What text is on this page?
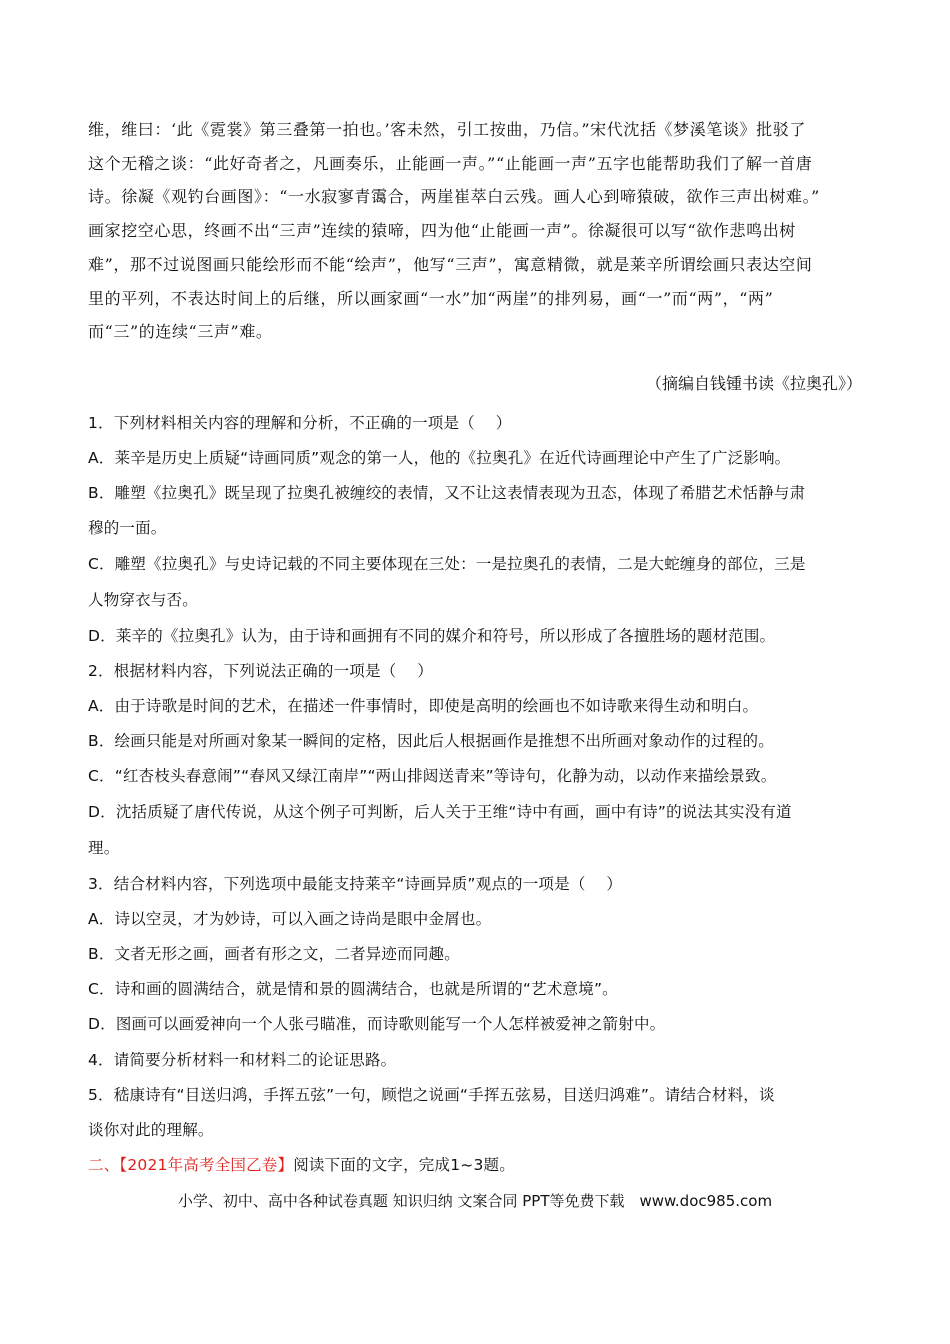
维，维曰：‘此《霓裳》第三叠第一拍也。’客未然，引工按曲，乃信。”宋代沈括《梦溪笔谈》批驳了

这个无稽之谈：“此好奇者之，凡画奏乐，止能画一声。”“止能画一声”五字也能帮助我们了解一首唐

诗。徐凝《观钓台画图》：“一水寂寥青霭合，两崖崔萃白云残。画人心到啼猿破，欲作三声出树难。”

画家挖空心思，终画不出“三声”连续的猿啼，四为他“止能画一声”。徐凝很可以写“欲作悲鸣出树

难”，那不过说图画只能绘形而不能“绘声”，他写“三声”，寓意精微，就是莱辛所谓绘画只表达空间

里的平列，不表达时间上的后继，所以画家画“一水”加“两崖”的排列易，画“一”而“两”，“两”

而“三”的连续“三声”难。

（摘编自钱锺书读《拉奥孔》）
1．下列材料相关内容的理解和分析，不正确的一项是（　 ）
A．莱辛是历史上质疑“诗画同质”观念的第一人，他的《拉奥孔》在近代诗画理论中产生了广泛影响。
B．雕塑《拉奥孔》既呈现了拉奥孔被缠绞的表情，又不让这表情表现为丑态，体现了希腊艺术恬静与肃
穆的一面。
C．雕塑《拉奥孔》与史诗记载的不同主要体现在三处：一是拉奥孔的表情，二是大蛇缠身的部位，三是
人物穿衣与否。
D．莱辛的《拉奥孔》认为，由于诗和画拥有不同的媒介和符号，所以形成了各擅胜场的题材范围。
2．根据材料内容，下列说法正确的一项是（　 ）
A．由于诗歌是时间的艺术，在描述一件事情时，即使是高明的绘画也不如诗歌来得生动和明白。
B．绘画只能是对所画对象某一瞬间的定格，因此后人根据画作是推想不出所画对象动作的过程的。
C．“红杏枝头春意闹”“春风又绿江南岸”“两山排闼送青来”等诗句，化静为动，以动作来描绘景致。
D．沈括质疑了唐代传说，从这个例子可判断，后人关于王维“诗中有画，画中有诗”的说法其实没有道
理。
3．结合材料内容，下列选项中最能支持莱辛“诗画异质”观点的一项是（　 ）
A．诗以空灵，才为妙诗，可以入画之诗尚是眼中金屑也。
B．文者无形之画，画者有形之文，二者异迹而同趣。
C．诗和画的圆满结合，就是情和景的圆满结合，也就是所谓的“艺术意境”。
D．图画可以画爱神向一个人张弓瞄准，而诗歌则能写一个人怎样被爱神之箭射中。
4．请简要分析材料一和材料二的论证思路。
5．嵇康诗有“目送归鸿，手挥五弦”一句，顾恺之说画“手挥五弦易，目送归鸿难”。请结合材料，谈
谈你对此的理解。
二、【2021年高考全国乙卷】阅读下面的文字，完成1~3题。
小学、初中、高中各种试卷真题 知识归纳 文案合同 PPT等免费下载　www.doc985.com
